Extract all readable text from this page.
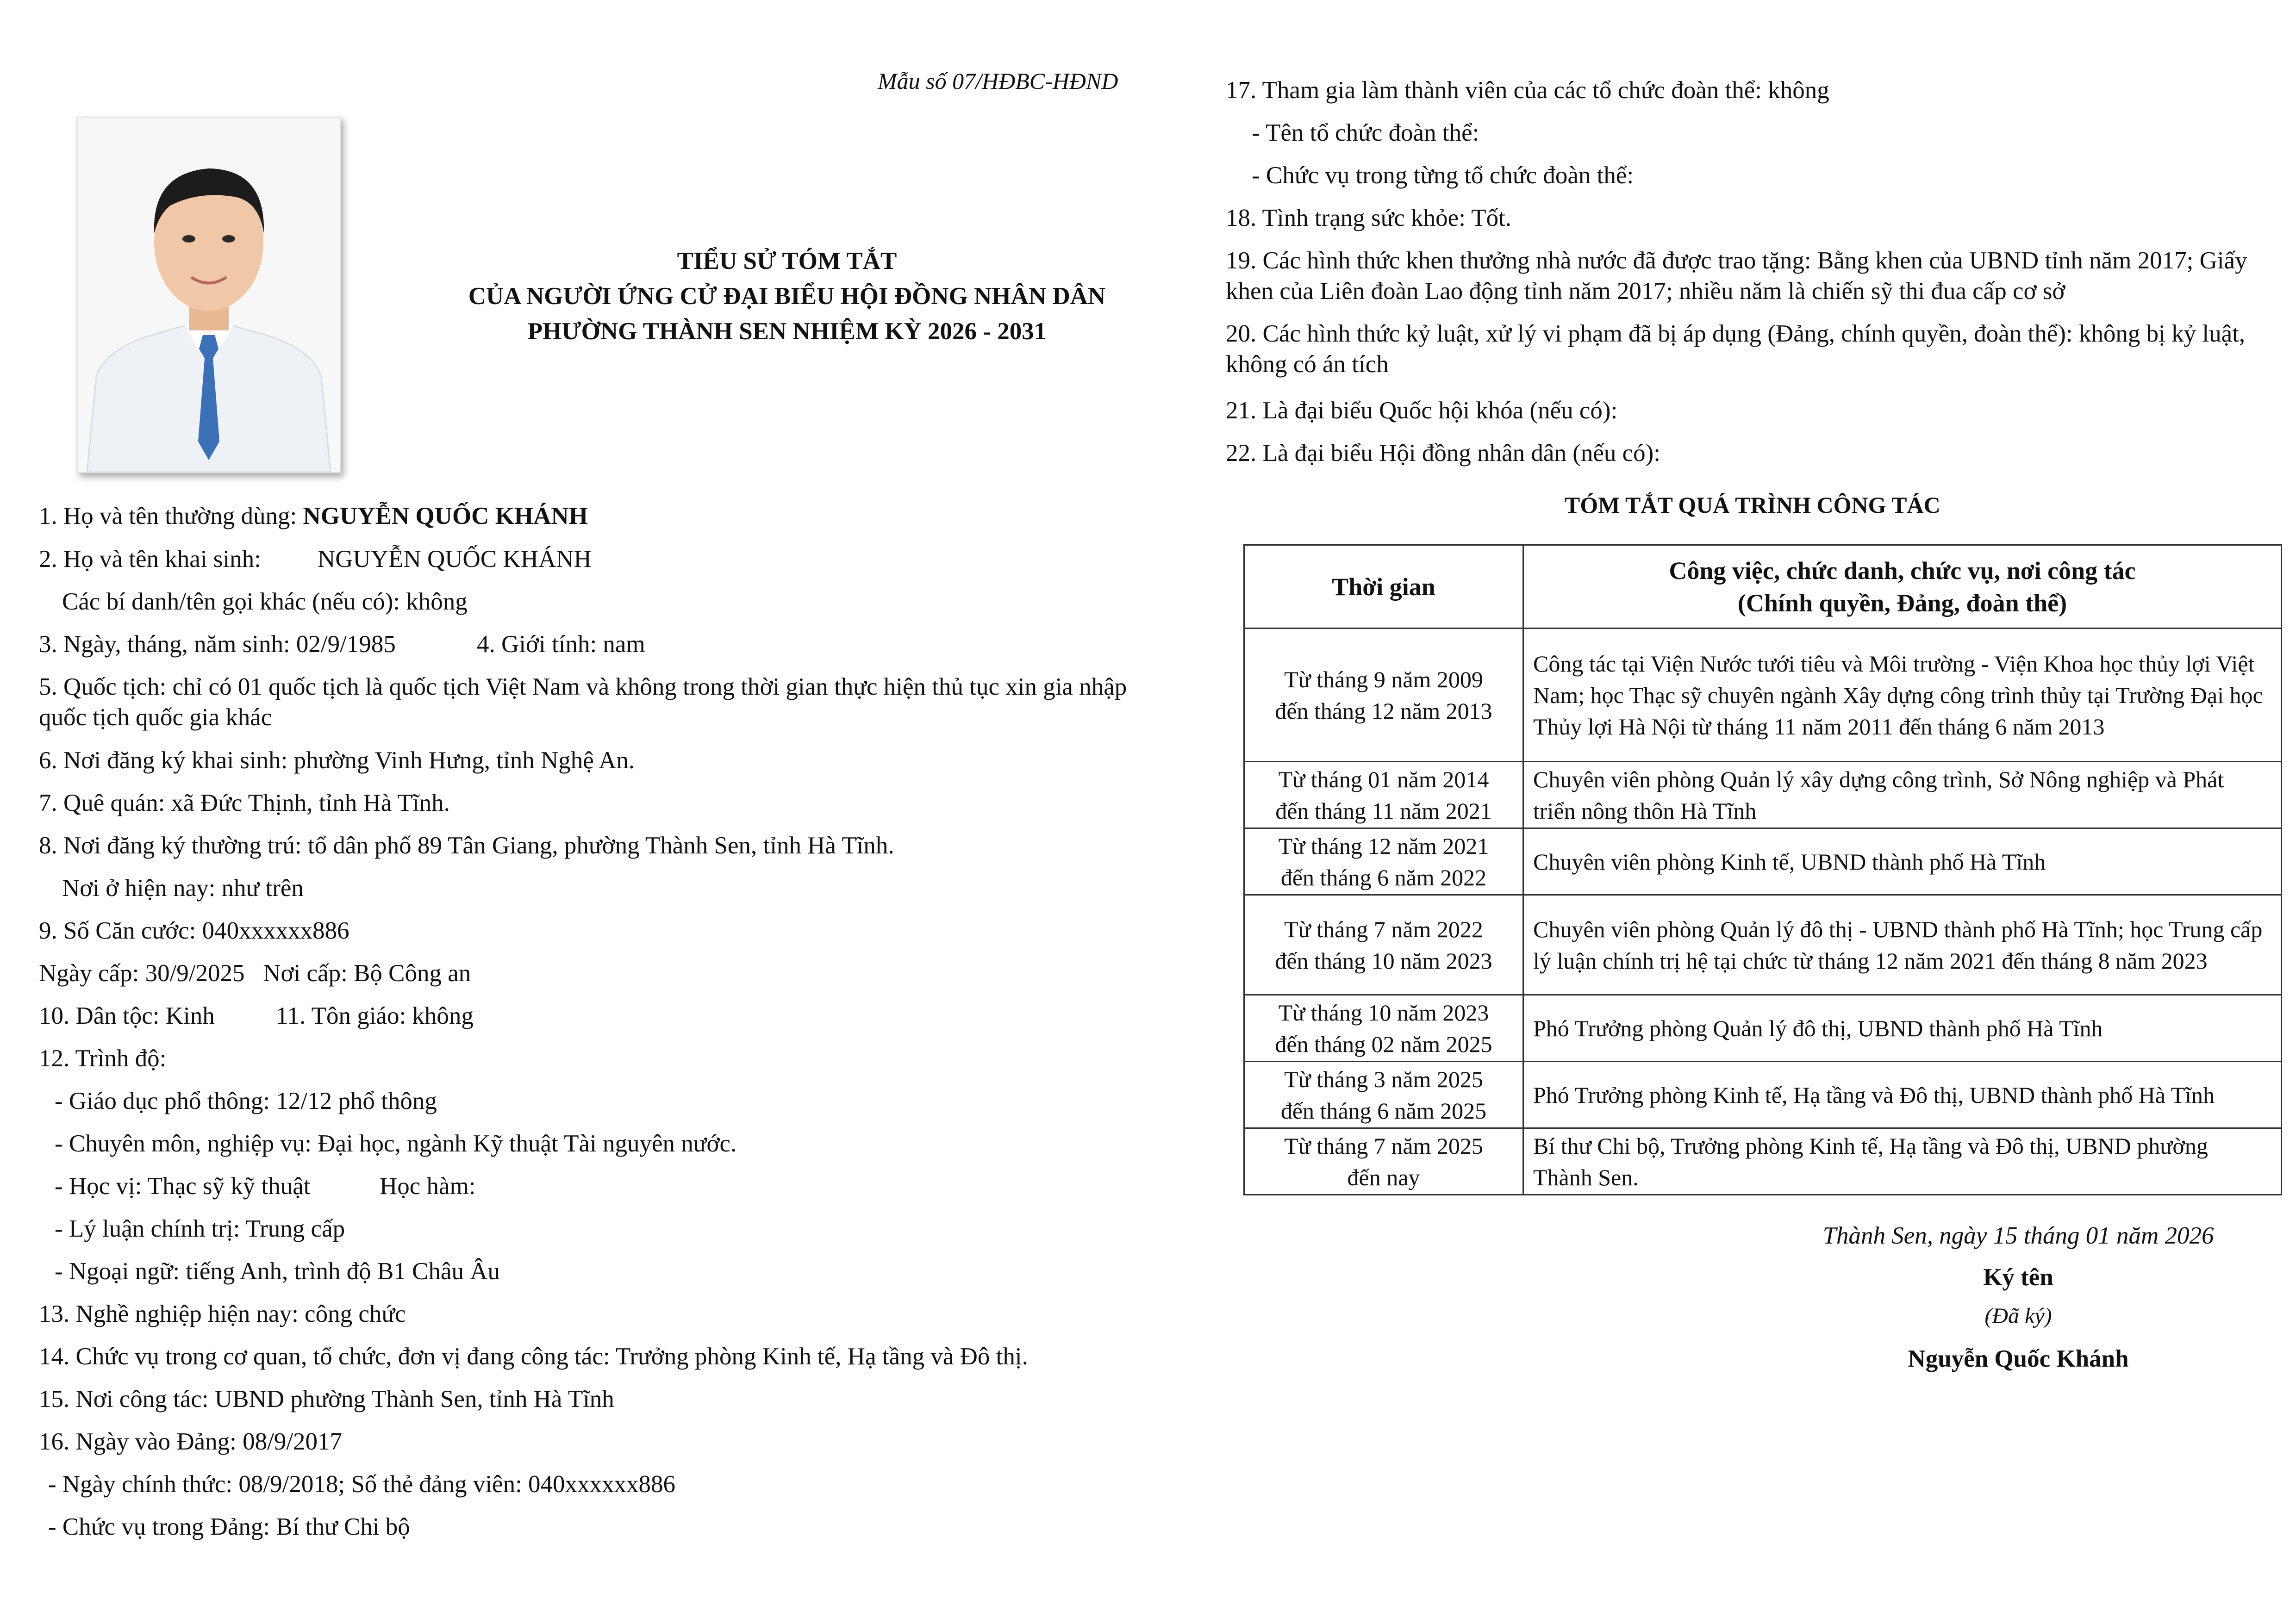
Mẫu số 07/HĐBC-HĐND
TIỂU SỬ TÓM TẮT
CỦA NGƯỜI ỨNG CỬ ĐẠI BIỂU HỘI ĐỒNG NHÂN DÂN
PHƯỜNG THÀNH SEN NHIỆM KỲ 2026 - 2031
1. Họ và tên thường dùng: NGUYỄN QUỐC KHÁNH
2. Họ và tên khai sinh: NGUYỄN QUỐC KHÁNH
Các bí danh/tên gọi khác (nếu có): không
3. Ngày, tháng, năm sinh: 02/9/1985	4. Giới tính: nam
5. Quốc tịch: chỉ có 01 quốc tịch là quốc tịch Việt Nam và không trong thời gian thực hiện thủ tục xin gia nhập quốc tịch quốc gia khác
6. Nơi đăng ký khai sinh: phường Vinh Hưng, tỉnh Nghệ An.
7. Quê quán: xã Đức Thịnh, tỉnh Hà Tĩnh.
8. Nơi đăng ký thường trú: tổ dân phố 89 Tân Giang, phường Thành Sen, tỉnh Hà Tĩnh.
Nơi ở hiện nay: như trên
9. Số Căn cước: 040xxxxxx886
Ngày cấp: 30/9/2025   Nơi cấp: Bộ Công an
10. Dân tộc: Kinh 11. Tôn giáo: không
12. Trình độ:
- Giáo dục phổ thông: 12/12 phổ thông
- Chuyên môn, nghiệp vụ: Đại học, ngành Kỹ thuật Tài nguyên nước.
- Học vị: Thạc sỹ kỹ thuật	Học hàm:
- Lý luận chính trị: Trung cấp
- Ngoại ngữ: tiếng Anh, trình độ B1 Châu Âu
13. Nghề nghiệp hiện nay: công chức
14. Chức vụ trong cơ quan, tổ chức, đơn vị đang công tác: Trưởng phòng Kinh tế, Hạ tầng và Đô thị.
15. Nơi công tác: UBND phường Thành Sen, tỉnh Hà Tĩnh
16. Ngày vào Đảng: 08/9/2017
- Ngày chính thức: 08/9/2018; Số thẻ đảng viên: 040xxxxxx886
- Chức vụ trong Đảng: Bí thư Chi bộ
17. Tham gia làm thành viên của các tổ chức đoàn thể: không
- Tên tổ chức đoàn thể:
- Chức vụ trong từng tổ chức đoàn thể:
18. Tình trạng sức khỏe: Tốt.
19. Các hình thức khen thưởng nhà nước đã được trao tặng: Bằng khen của UBND tỉnh năm 2017; Giấy khen của Liên đoàn Lao động tỉnh năm 2017; nhiều năm là chiến sỹ thi đua cấp cơ sở
20. Các hình thức kỷ luật, xử lý vi phạm đã bị áp dụng (Đảng, chính quyền, đoàn thể): không bị kỷ luật, không có án tích
21. Là đại biểu Quốc hội khóa (nếu có):
22. Là đại biểu Hội đồng nhân dân (nếu có):
TÓM TẮT QUÁ TRÌNH CÔNG TÁC
Thời gian	Công việc, chức danh, chức vụ, nơi công tác
(Chính quyền, Đảng, đoàn thể)

Từ tháng 9 năm 2009
đến tháng 12 năm 2013	Công tác tại Viện Nước tưới tiêu và Môi trường - Viện Khoa học thủy lợi Việt Nam; học Thạc sỹ chuyên ngành Xây dựng công trình thủy tại Trường Đại học Thủy lợi Hà Nội từ tháng 11 năm 2011 đến tháng 6 năm 2013

Từ tháng 01 năm 2014
đến tháng 11 năm 2021	Chuyên viên phòng Quản lý xây dựng công trình, Sở Nông nghiệp và Phát triển nông thôn Hà Tĩnh

Từ tháng 12 năm 2021
đến tháng 6 năm 2022	Chuyên viên phòng Kinh tế, UBND thành phố Hà Tĩnh

Từ tháng 7 năm 2022
đến tháng 10 năm 2023	Chuyên viên phòng Quản lý đô thị - UBND thành phố Hà Tĩnh; học Trung cấp lý luận chính trị hệ tại chức từ tháng 12 năm 2021 đến tháng 8 năm 2023

Từ tháng 10 năm 2023
đến tháng 02 năm 2025	Phó Trưởng phòng Quản lý đô thị, UBND thành phố Hà Tĩnh

Từ tháng 3 năm 2025
đến tháng 6 năm 2025	Phó Trưởng phòng Kinh tế, Hạ tầng và Đô thị, UBND thành phố Hà Tĩnh

Từ tháng 7 năm 2025
đến nay	Bí thư Chi bộ, Trưởng phòng Kinh tế, Hạ tầng và Đô thị, UBND phường Thành Sen.
Thành Sen, ngày 15 tháng 01 năm 2026
Ký tên
(Đã ký)
Nguyễn Quốc Khánh
